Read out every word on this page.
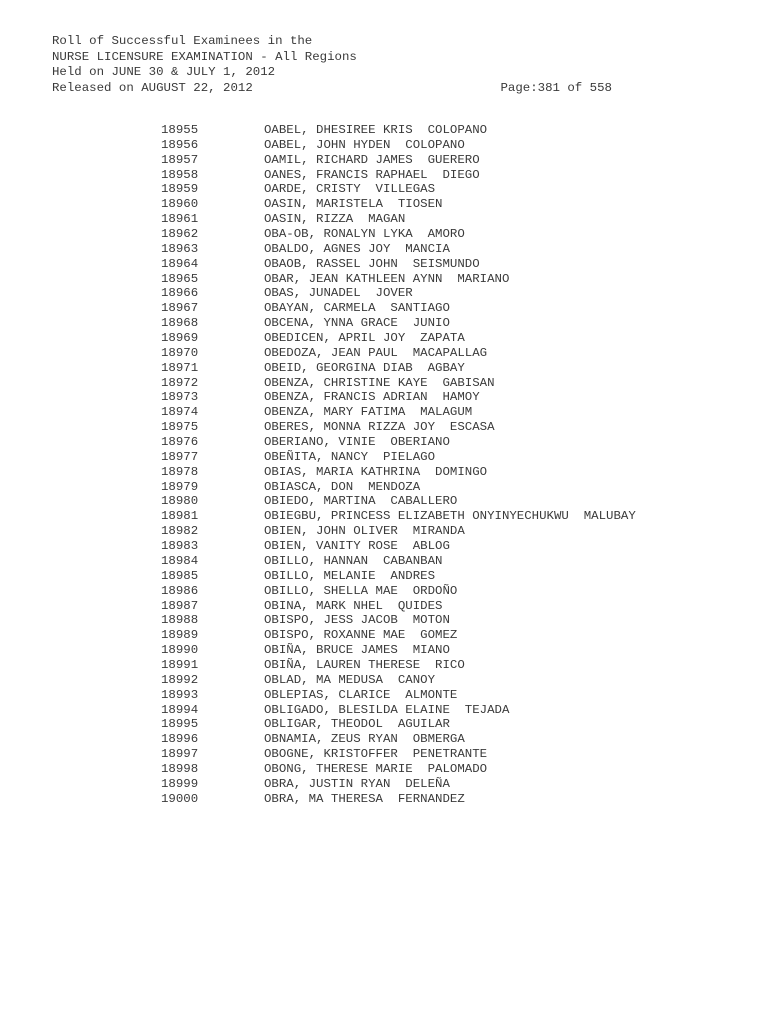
Roll of Successful Examinees in the
NURSE LICENSURE EXAMINATION - All Regions
Held on JUNE 30 & JULY 1, 2012
Released on AUGUST 22, 2012	Page:381 of 558
18955	OABEL, DHESIREE KRIS  COLOPANO
18956	OABEL, JOHN HYDEN  COLOPANO
18957	OAMIL, RICHARD JAMES  GUERERO
18958	OANES, FRANCIS RAPHAEL  DIEGO
18959	OARDE, CRISTY  VILLEGAS
18960	OASIN, MARISTELA  TIOSEN
18961	OASIN, RIZZA  MAGAN
18962	OBA-OB, RONALYN LYKA  AMORO
18963	OBALDO, AGNES JOY  MANCIA
18964	OBAOB, RASSEL JOHN  SEISMUNDO
18965	OBAR, JEAN KATHLEEN AYNN  MARIANO
18966	OBAS, JUNADEL  JOVER
18967	OBAYAN, CARMELA  SANTIAGO
18968	OBCENA, YNNA GRACE  JUNIO
18969	OBEDICEN, APRIL JOY  ZAPATA
18970	OBEDOZA, JEAN PAUL  MACAPALLAG
18971	OBEID, GEORGINA DIAB  AGBAY
18972	OBENZA, CHRISTINE KAYE  GABISAN
18973	OBENZA, FRANCIS ADRIAN  HAMOY
18974	OBENZA, MARY FATIMA  MALAGUM
18975	OBERES, MONNA RIZZA JOY  ESCASA
18976	OBERIANO, VINIE  OBERIANO
18977	OBEÑITA, NANCY  PIELAGO
18978	OBIAS, MARIA KATHRINA  DOMINGO
18979	OBIASCA, DON  MENDOZA
18980	OBIEDO, MARTINA  CABALLERO
18981	OBIEGBU, PRINCESS ELIZABETH ONYINYECHUKWU  MALUBAY
18982	OBIEN, JOHN OLIVER  MIRANDA
18983	OBIEN, VANITY ROSE  ABLOG
18984	OBILLO, HANNAN  CABANBAN
18985	OBILLO, MELANIE  ANDRES
18986	OBILLO, SHELLA MAE  ORDOÑO
18987	OBINA, MARK NHEL  QUIDES
18988	OBISPO, JESS JACOB  MOTON
18989	OBISPO, ROXANNE MAE  GOMEZ
18990	OBIÑA, BRUCE JAMES  MIANO
18991	OBIÑA, LAUREN THERESE  RICO
18992	OBLAD, MA MEDUSA  CANOY
18993	OBLEPIAS, CLARICE  ALMONTE
18994	OBLIGADO, BLESILDA ELAINE  TEJADA
18995	OBLIGAR, THEODOL  AGUILAR
18996	OBNAMIA, ZEUS RYAN  OBMERGA
18997	OBOGNE, KRISTOFFER  PENETRANTE
18998	OBONG, THERESE MARIE  PALOMADO
18999	OBRA, JUSTIN RYAN  DELEÑA
19000	OBRA, MA THERESA  FERNANDEZ
